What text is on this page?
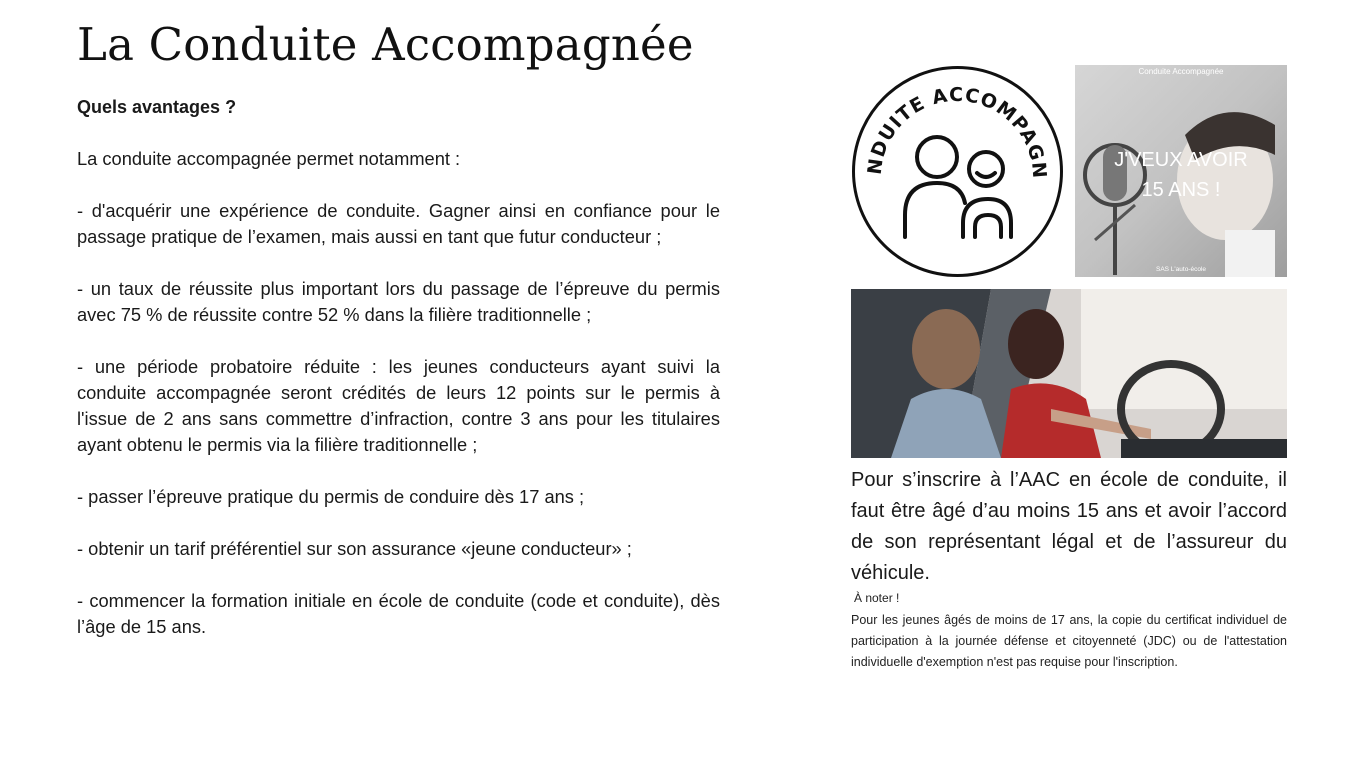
La Conduite Accompagnée

Quels avantages ?

La conduite accompagnée permet notamment :

- d'acquérir une expérience de conduite. Gagner ainsi en confiance pour le passage pratique de l’examen, mais aussi en tant que futur conducteur ;

- un taux de réussite plus important lors du passage de l’épreuve du permis avec 75 % de réussite contre 52 % dans la filière traditionnelle ;

- une période probatoire réduite : les jeunes conducteurs ayant suivi la conduite accompagnée seront crédités de leurs 12 points sur le permis à l'issue de 2 ans sans commettre d’infraction, contre 3 ans pour les titulaires ayant obtenu le permis via la filière traditionnelle ;

- passer l’épreuve pratique du permis de conduire dès 17 ans ;

- obtenir un tarif préférentiel sur son assurance «jeune conducteur» ;

- commencer la formation initiale en école de conduite (code et conduite), dès l’âge de 15 ans.

NDUITE ACCOMPAGN
Conduite Accompagnée
J'VEUX AVOIR
15 ANS !
SAS L'auto-école
Pour s’inscrire à l’AAC en école de conduite, il faut être âgé d’au moins 15 ans et avoir l’accord de son représentant légal et de l’assureur du véhicule.
À noter !
Pour les jeunes âgés de moins de 17 ans, la copie du certificat individuel de participation à la journée défense et citoyenneté (JDC) ou de l'attestation individuelle d'exemption n'est pas requise pour l'inscription.
